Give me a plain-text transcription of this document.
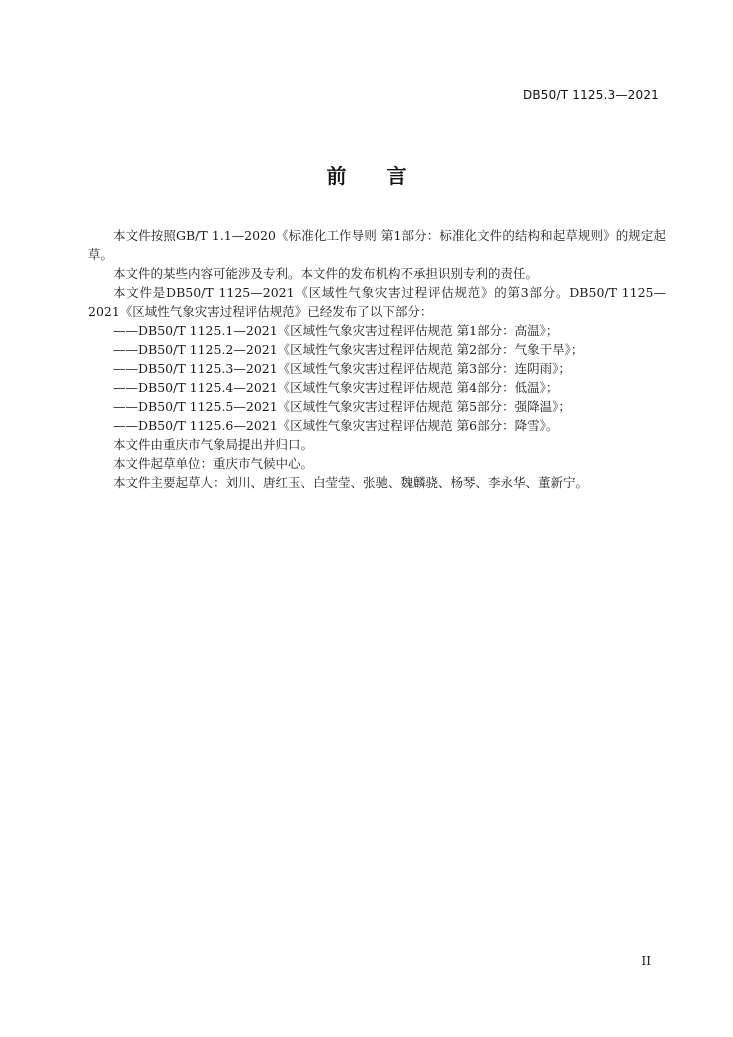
DB50/T 1125.3—2021
前言

本文件按照GB/T 1.1—2020《标准化工作导则 第1部分：标准化文件的结构和起草规则》的规定起草。

本文件的某些内容可能涉及专利。本文件的发布机构不承担识别专利的责任。

本文件是DB50/T 1125—2021《区域性气象灾害过程评估规范》的第3部分。DB50/T 1125—2021《区域性气象灾害过程评估规范》已经发布了以下部分：

——DB50/T 1125.1—2021《区域性气象灾害过程评估规范 第1部分：高温》；

——DB50/T 1125.2—2021《区域性气象灾害过程评估规范 第2部分：气象干旱》；

——DB50/T 1125.3—2021《区域性气象灾害过程评估规范 第3部分：连阴雨》；

——DB50/T 1125.4—2021《区域性气象灾害过程评估规范 第4部分：低温》；

——DB50/T 1125.5—2021《区域性气象灾害过程评估规范 第5部分：强降温》；

——DB50/T 1125.6—2021《区域性气象灾害过程评估规范 第6部分：降雪》。

本文件由重庆市气象局提出并归口。

本文件起草单位：重庆市气候中心。

本文件主要起草人：刘川、唐红玉、白莹莹、张驰、魏麟骁、杨琴、李永华、董新宁。

II
